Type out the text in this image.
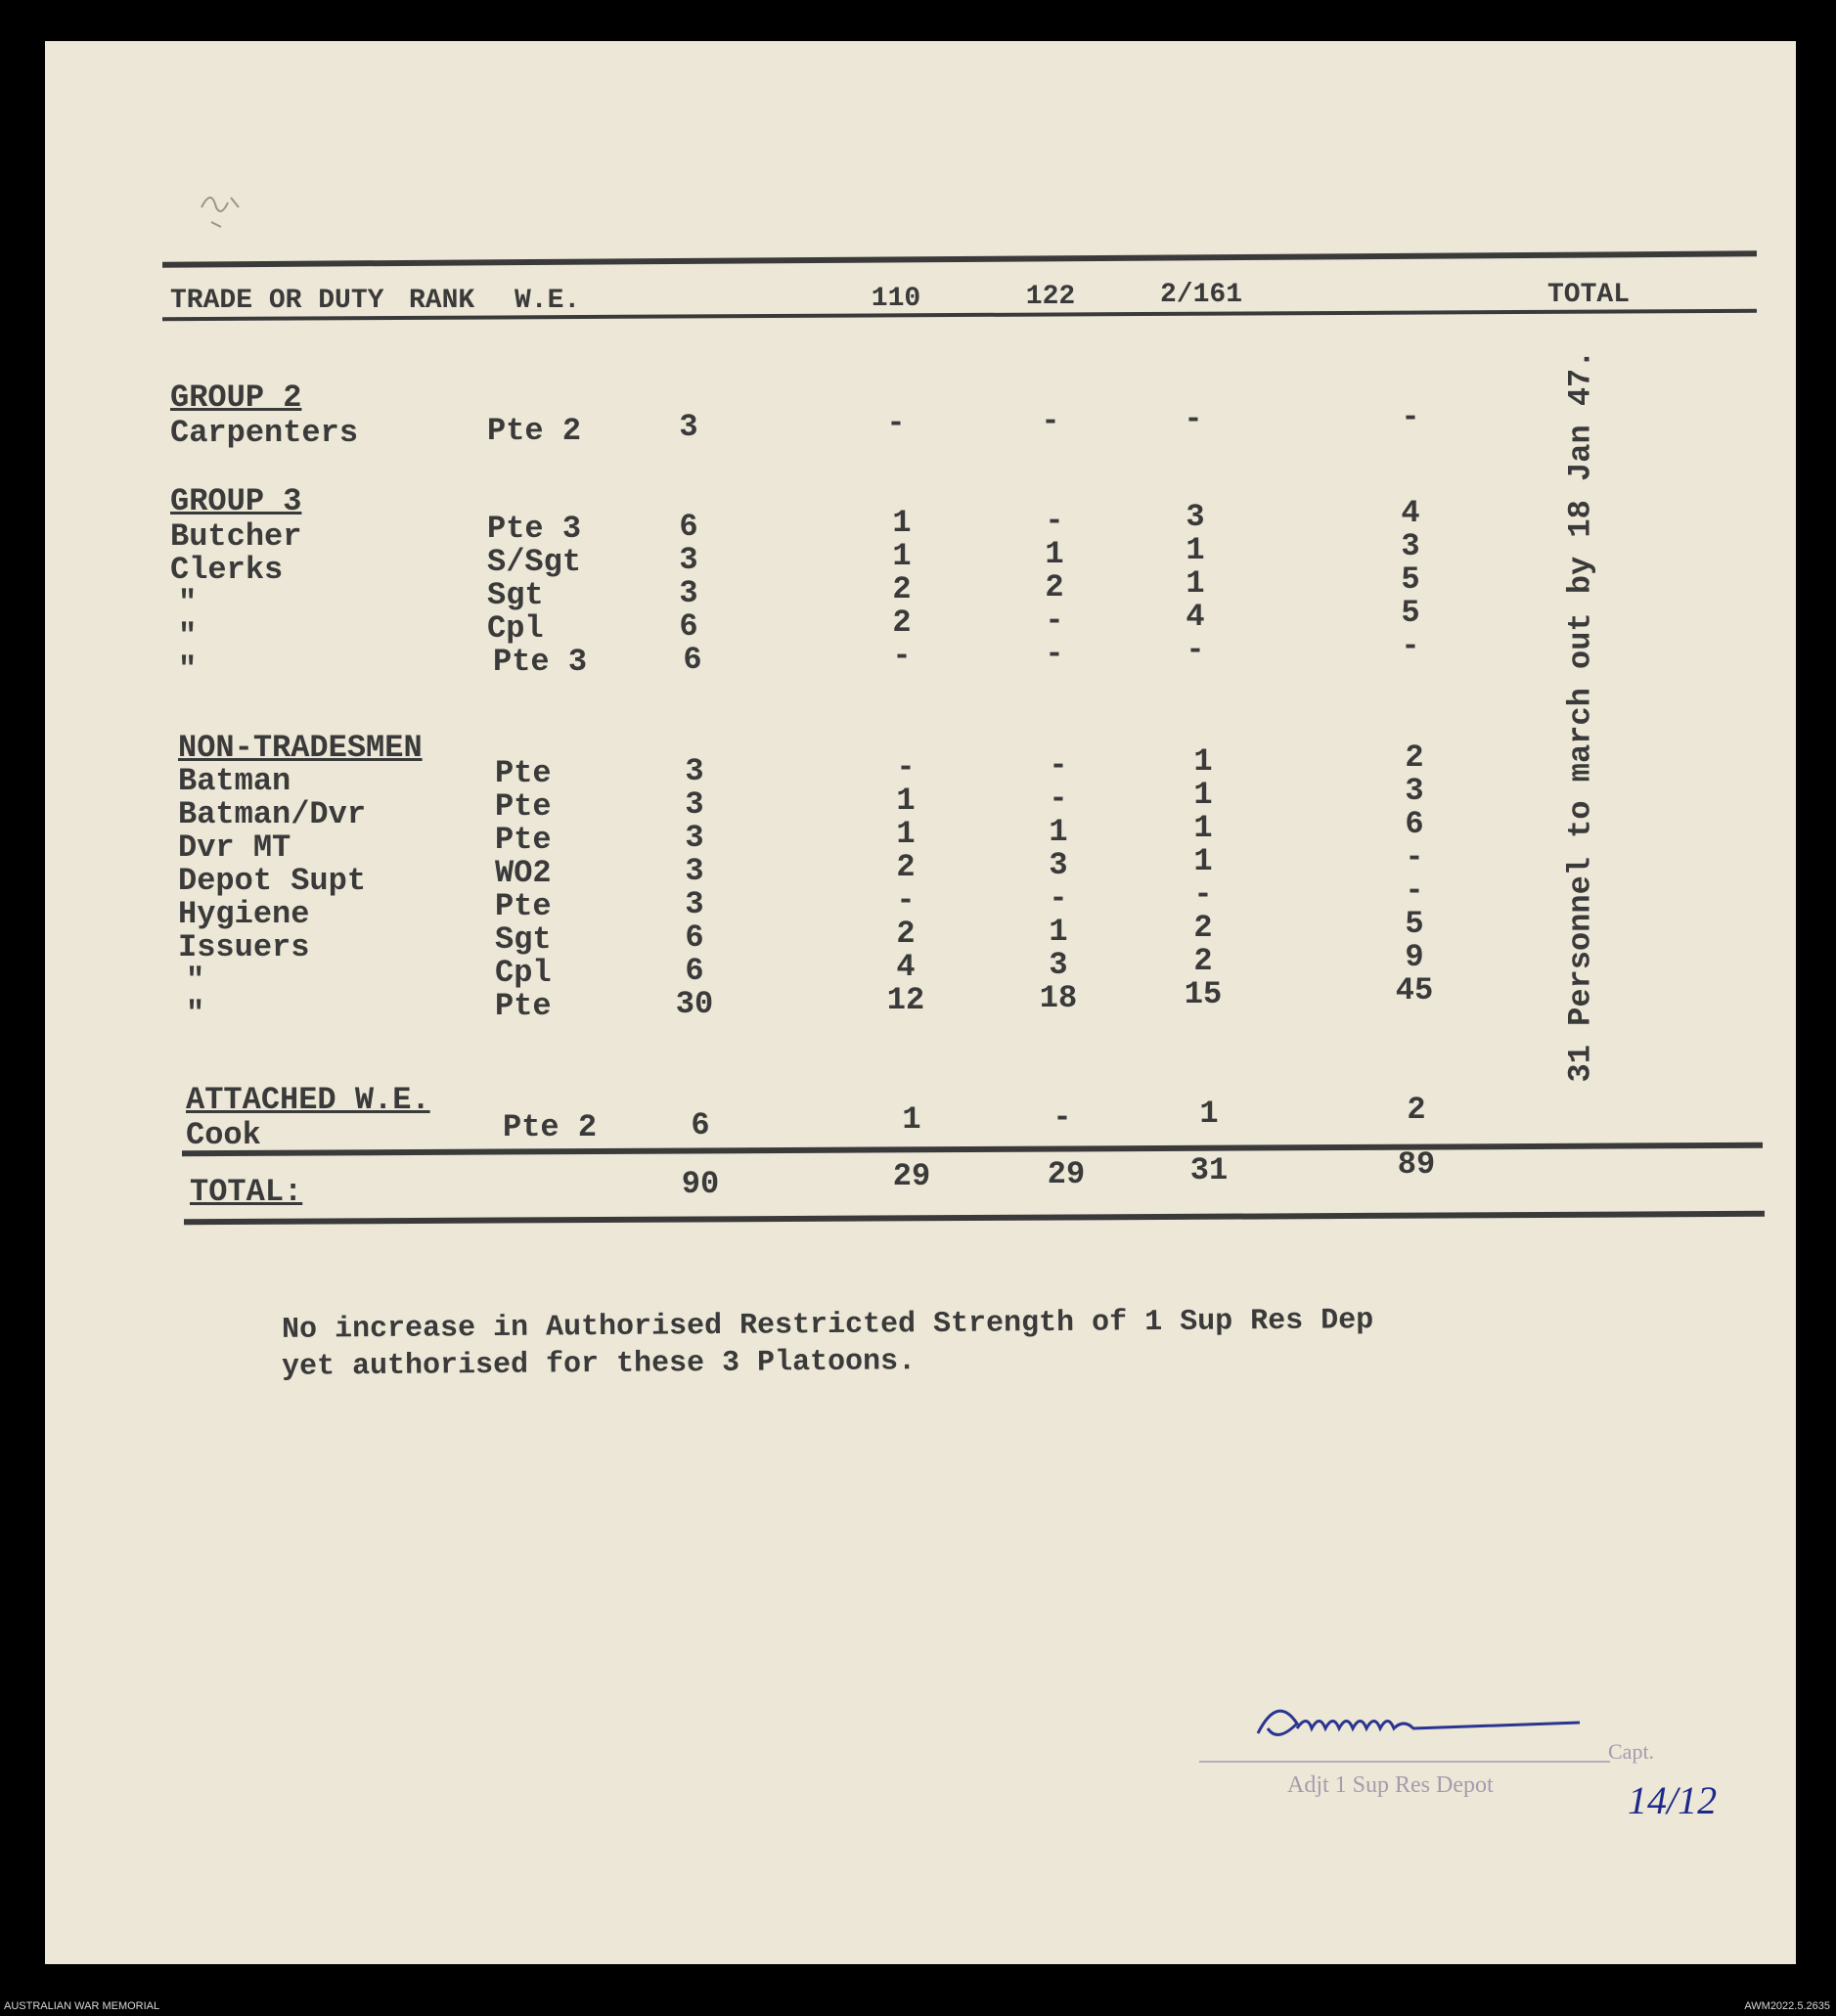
TRADE OR DUTY RANK W.E.	110	122	2/161	TOTAL
GROUP 2
Carpenters	Pte 2	3	-	-	-	-
GROUP 3
Butcher	Pte 3	6	1	-	3	4
Clerks	S/Sgt	3	1	1	1	3
"	Sgt	3	2	2	1	5
"	Cpl	6	2	-	4	5
"	Pte 3	6	-	-	-	-
NON-TRADESMEN
Batman	Pte	3	-	-	1	2
Batman/Dvr	Pte	3	1	-	1	3
Dvr MT	Pte	3	1	1	1	6
Depot Supt	WO2	3	2	3	1	-
Hygiene	Pte	3	-	-	-	-
Issuers	Sgt	6	2	1	2	5
"	Cpl	6	4	3	2	9
"	Pte	30	12	18	15	45
ATTACHED W.E.
Cook	Pte 2	6	1	-	1	2
TOTAL:	90	29	29	31	89
31 Personnel to march out by 18 Jan 47.
No increase in Authorised Restricted Strength of 1 Sup Res Dep
yet authorised for these 3 Platoons.
Capt.
Adjt 1 Sup Res Depot	14/12
AUSTRALIAN WAR MEMORIAL	AWM2022.5.2635
